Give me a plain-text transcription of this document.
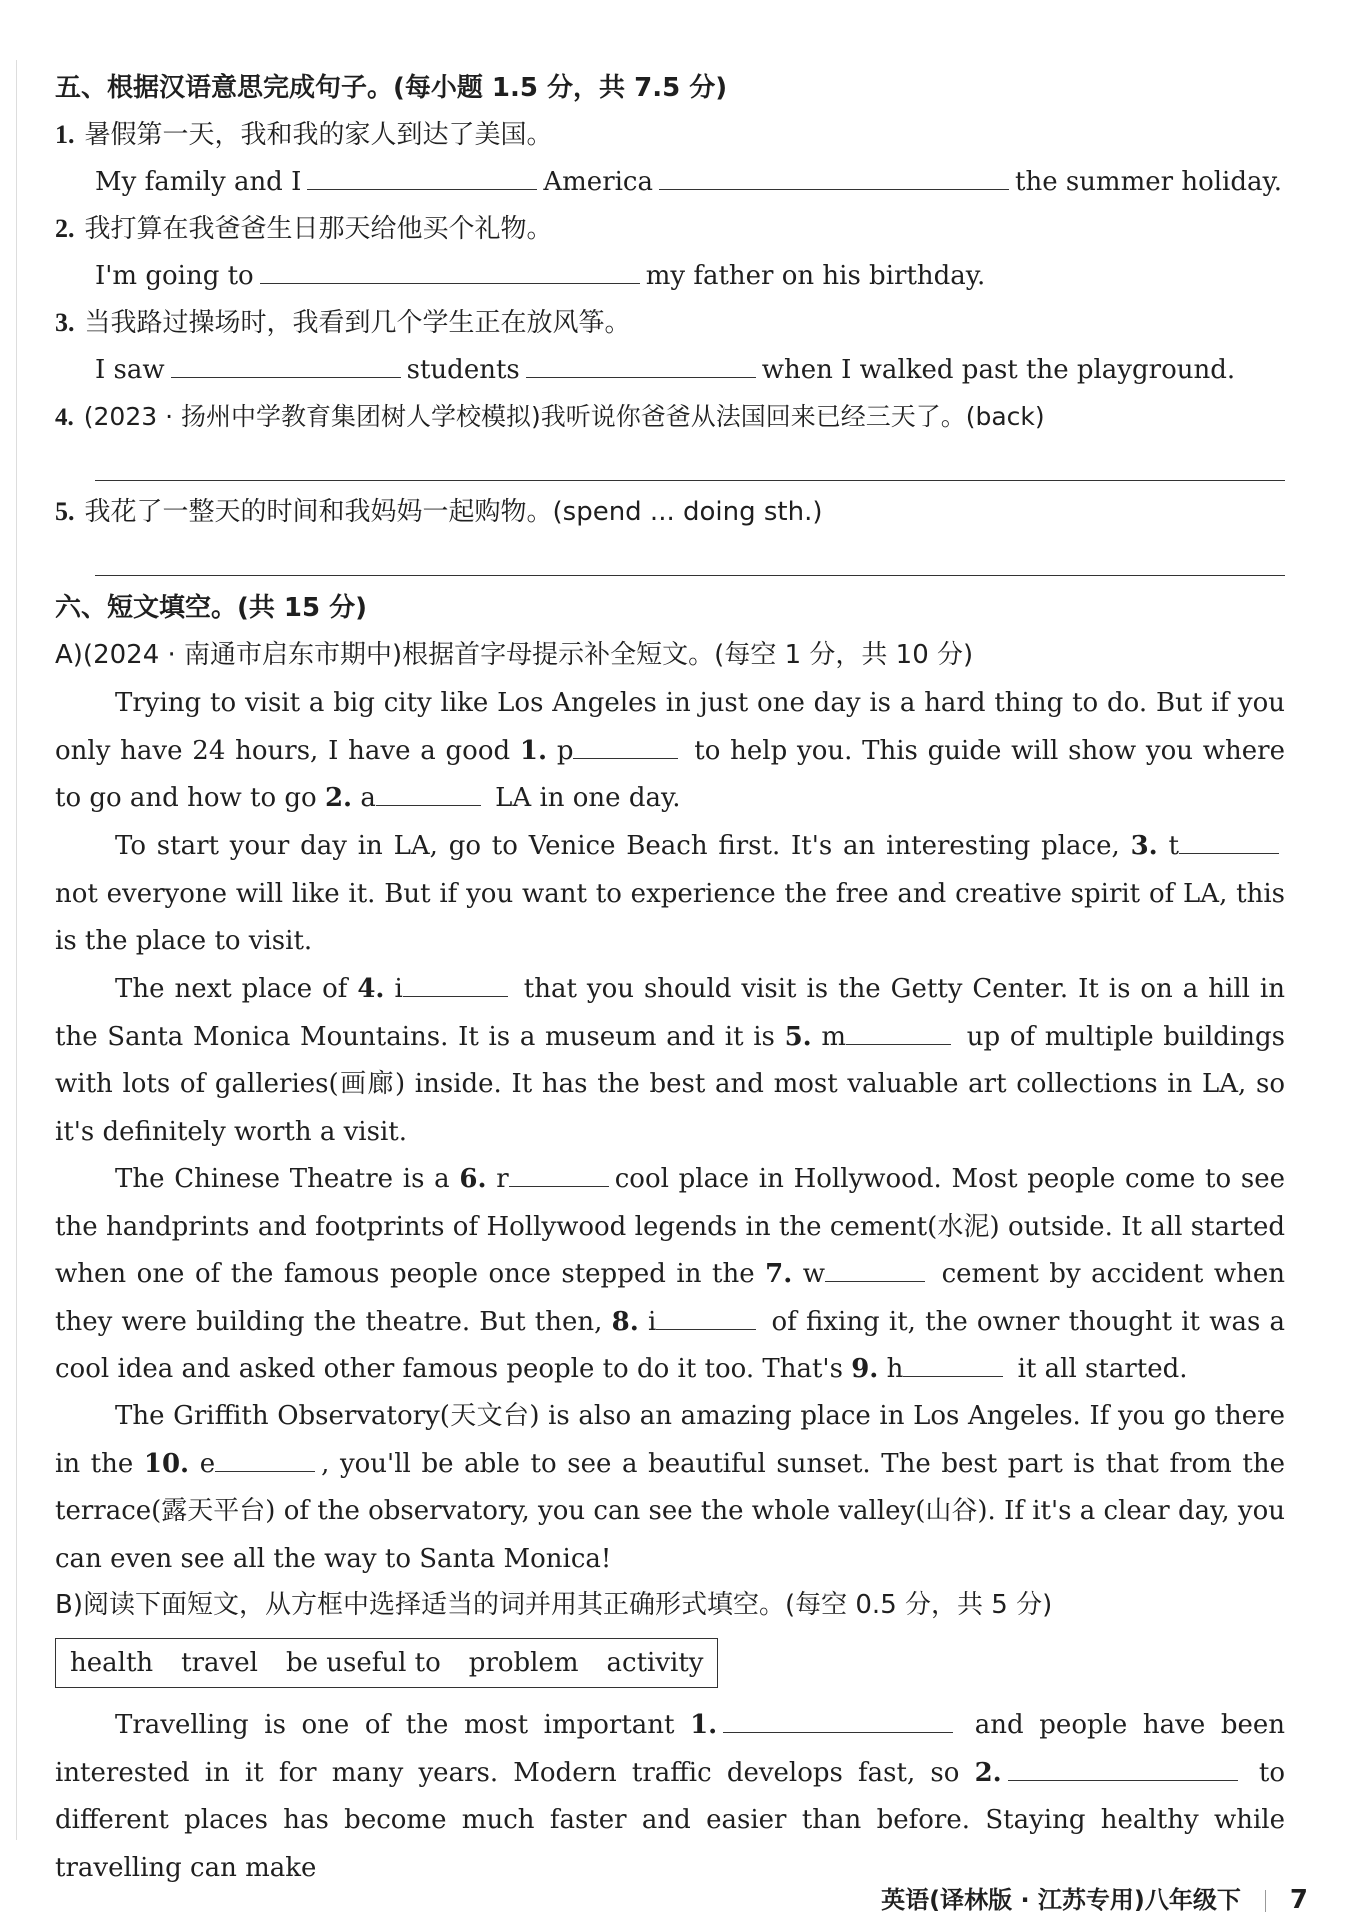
五、根据汉语意思完成句子。(每小题 1.5 分，共 7.5 分)
1. 暑假第一天，我和我的家人到达了美国。
My family and I	America	the summer holiday.
2. 我打算在我爸爸生日那天给他买个礼物。
I'm going to	my father on his birthday.
3. 当我路过操场时，我看到几个学生正在放风筝。
I saw	students	when I walked past the playground.
4. (2023 · 扬州中学教育集团树人学校模拟)我听说你爸爸从法国回来已经三天了。(back)
5. 我花了一整天的时间和我妈妈一起购物。(spend ... doing sth.)
六、短文填空。(共 15 分)
A)(2024 · 南通市启东市期中)根据首字母提示补全短文。(每空 1 分，共 10 分)
Trying to visit a big city like Los Angeles in just one day is a hard thing to do. But if you only have 24 hours, I have a good 1. p	to help you. This guide will show you where to go and how to go 2. a	LA in one day.
To start your day in LA, go to Venice Beach first. It's an interesting place, 3. t not everyone will like it. But if you want to experience the free and creative spirit of LA, this is the place to visit.
The next place of 4. i	that you should visit is the Getty Center. It is on a hill in the Santa Monica Mountains. It is a museum and it is 5. m	up of multiple buildings with lots of galleries(画廊) inside. It has the best and most valuable art collections in LA, so it's definitely worth a visit.
The Chinese Theatre is a 6. r	cool place in Hollywood. Most people come to see the handprints and footprints of Hollywood legends in the cement(水泥) outside. It all started when one of the famous people once stepped in the 7. w	cement by accident when they were building the theatre. But then, 8. i	of fixing it, the owner thought it was a cool idea and asked other famous people to do it too. That's 9. h	it all started.
The Griffith Observatory(天文台) is also an amazing place in Los Angeles. If you go there in the 10. e	, you'll be able to see a beautiful sunset. The best part is that from the terrace(露天平台) of the observatory, you can see the whole valley(山谷). If it's a clear day, you can even see all the way to Santa Monica!
B)阅读下面短文，从方框中选择适当的词并用其正确形式填空。(每空 0.5 分，共 5 分)
health travel be useful to problem activity
Travelling is one of the most important 1.	and people have been interested in it for many years. Modern traffic develops fast, so 2.	to different places has become much faster and easier than before. Staying healthy while travelling can make
英语(译林版 · 江苏专用)八年级下 7
